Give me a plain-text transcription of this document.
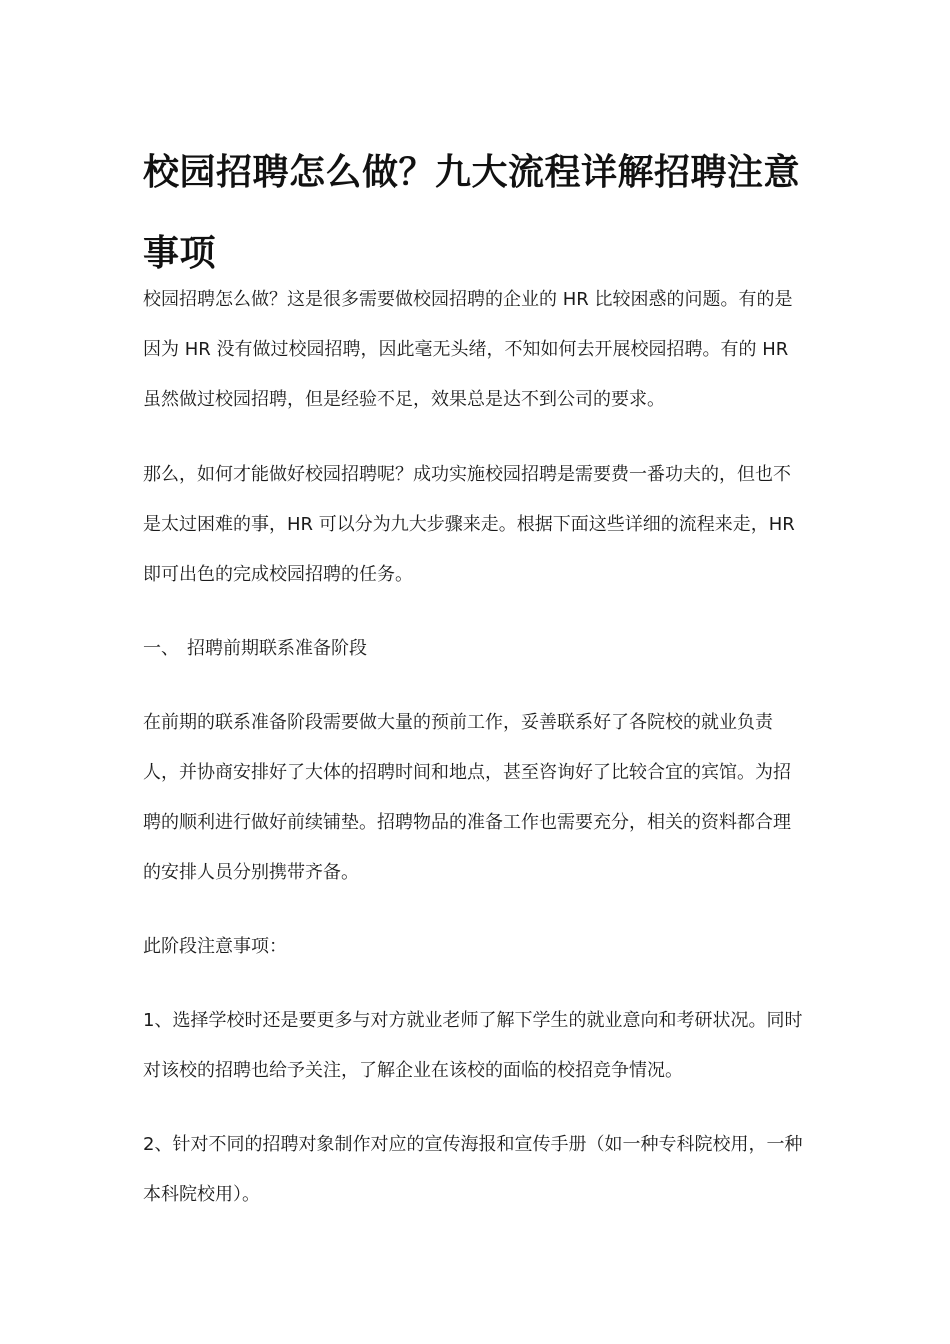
校园招聘怎么做？九大流程详解招聘注意事项

校园招聘怎么做？这是很多需要做校园招聘的企业的 HR 比较困惑的问题。有的是因为 HR 没有做过校园招聘，因此毫无头绪，不知如何去开展校园招聘。有的 HR 虽然做过校园招聘，但是经验不足，效果总是达不到公司的要求。

那么，如何才能做好校园招聘呢？成功实施校园招聘是需要费一番功夫的，但也不是太过困难的事，HR 可以分为九大步骤来走。根据下面这些详细的流程来走，HR 即可出色的完成校园招聘的任务。

一、 招聘前期联系准备阶段

在前期的联系准备阶段需要做大量的预前工作，妥善联系好了各院校的就业负责人，并协商安排好了大体的招聘时间和地点，甚至咨询好了比较合宜的宾馆。为招聘的顺利进行做好前续铺垫。招聘物品的准备工作也需要充分，相关的资料都合理的安排人员分别携带齐备。

此阶段注意事项：

1、选择学校时还是要更多与对方就业老师了解下学生的就业意向和考研状况。同时对该校的招聘也给予关注，了解企业在该校的面临的校招竞争情况。

2、针对不同的招聘对象制作对应的宣传海报和宣传手册（如一种专科院校用，一种本科院校用）。
